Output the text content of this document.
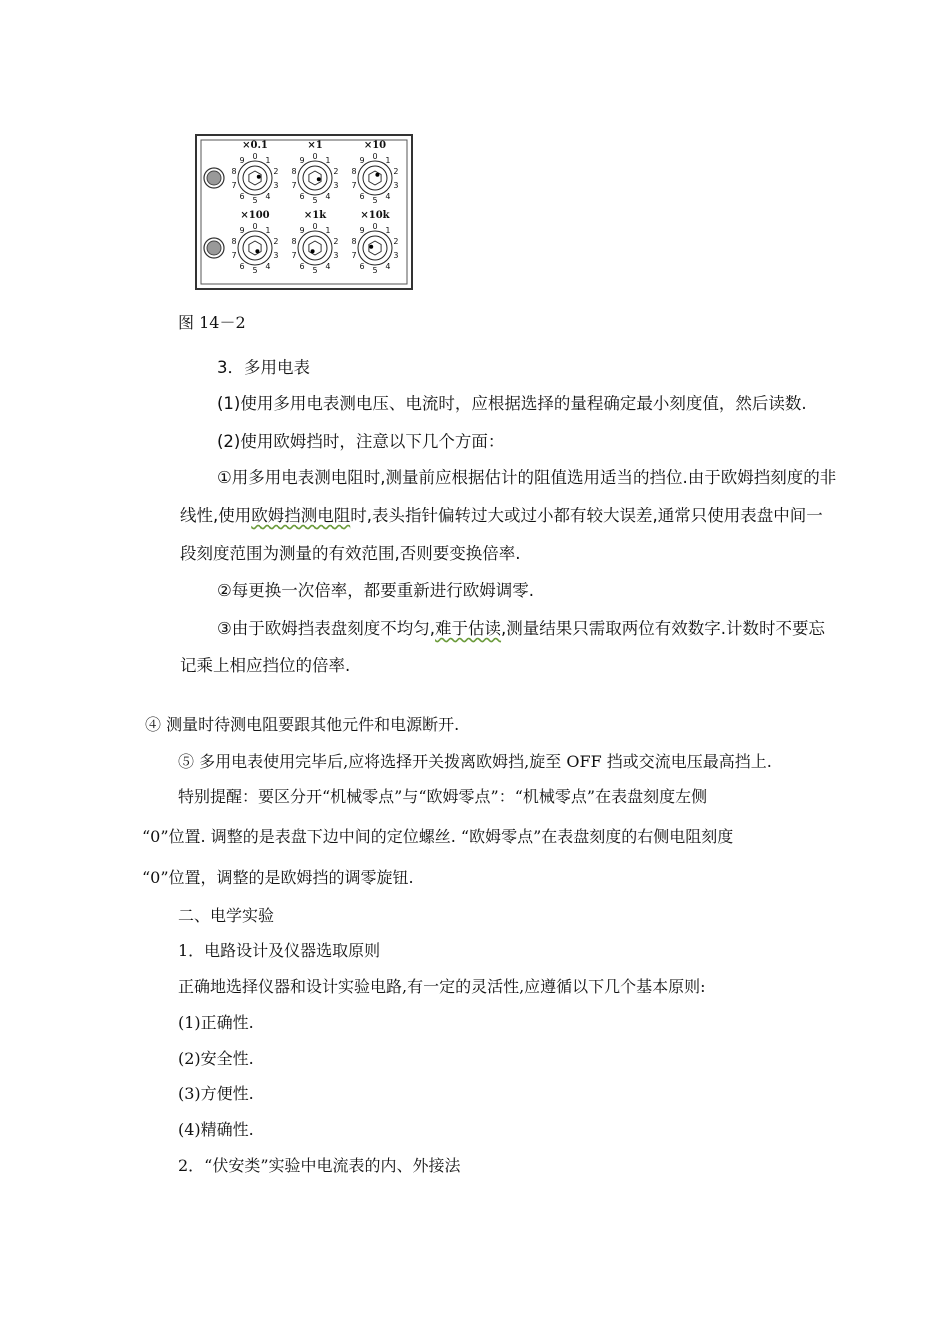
×0.1
0 1
2
3
4
5
6
7
8
9
×1
0 1
2
3
4
5
6
7
8
9
×10
0 1
2
3
4
5
6
7
8
9
×100
0 1
2
3
4
5
6
7
8
9
×1k
0 1
2
3
4
5
6
7
8
9
×10k
0 1
2
3
4
5
6
7
8
9
图 14－2
3．多用电表
(1)使用多用电表测电压、电流时，应根据选择的量程确定最小刻度值，然后读数.
(2)使用欧姆挡时，注意以下几个方面：
①用多用电表测电阻时,测量前应根据估计的阻值选用适当的挡位.由于欧姆挡刻度的非
线性,使用欧姆挡测电阻时,表头指针偏转过大或过小都有较大误差,通常只使用表盘中间一
段刻度范围为测量的有效范围,否则要变换倍率.
②每更换一次倍率，都要重新进行欧姆调零.
③由于欧姆挡表盘刻度不均匀,难于估读,测量结果只需取两位有效数字.计数时不要忘
记乘上相应挡位的倍率.
④ 测量时待测电阻要跟其他元件和电源断开.
⑤ 多用电表使用完毕后,应将选择开关拨离欧姆挡,旋至 OFF 挡或交流电压最高挡上.
特别提醒：要区分开“机械零点”与“欧姆零点”：“机械零点”在表盘刻度左侧
“0”位置. 调整的是表盘下边中间的定位螺丝. “欧姆零点”在表盘刻度的右侧电阻刻度
“0”位置，调整的是欧姆挡的调零旋钮.
二、电学实验
1．电路设计及仪器选取原则
正确地选择仪器和设计实验电路,有一定的灵活性,应遵循以下几个基本原则:
(1)正确性.
(2)安全性.
(3)方便性.
(4)精确性.
2．“伏安类”实验中电流表的内、外接法
